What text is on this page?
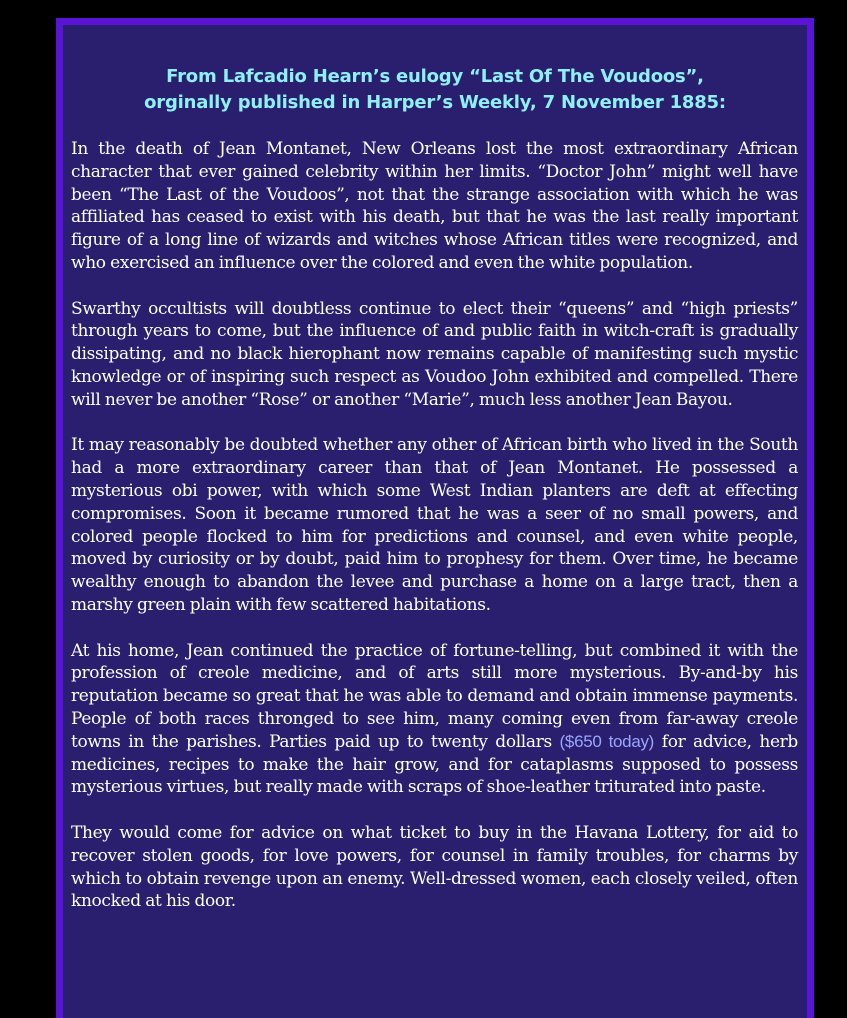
From Lafcadio Hearn’s eulogy “Last Of The Voudoos”,
orginally published in Harper’s Weekly, 7 November 1885:

In the death of Jean Montanet, New Orleans lost the most extraordinary African character that ever gained celebrity within her limits. “Doctor John” might well have been “The Last of the Voudoos”, not that the strange association with which he was affiliated has ceased to exist with his death, but that he was the last really important figure of a long line of wizards and witches whose African titles were recognized, and who exercised an influence over the colored and even the white population.

Swarthy occultists will doubtless continue to elect their “queens” and “high priests” through years to come, but the influence of and public faith in witch-craft is gradually dissipating, and no black hierophant now remains capable of manifesting such mystic knowledge or of inspiring such respect as Voudoo John exhibited and compelled. There will never be another “Rose” or another “Marie”, much less another Jean Bayou.

It may reasonably be doubted whether any other of African birth who lived in the South had a more extraordinary career than that of Jean Montanet. He possessed a mysterious obi power, with which some West Indian planters are deft at effecting compromises. Soon it became rumored that he was a seer of no small powers, and colored people flocked to him for predictions and counsel, and even white people, moved by curiosity or by doubt, paid him to prophesy for them. Over time, he became wealthy enough to abandon the levee and purchase a home on a large tract, then a marshy green plain with few scattered habitations.

At his home, Jean continued the practice of fortune-telling, but combined it with the profession of creole medicine, and of arts still more mysterious. By-and-by his reputation became so great that he was able to demand and obtain immense payments. People of both races thronged to see him, many coming even from far-away creole towns in the parishes. Parties paid up to twenty dollars ($650 today) for advice, herb medicines, recipes to make the hair grow, and for cataplasms supposed to possess mysterious virtues, but really made with scraps of shoe-leather triturated into paste.

They would come for advice on what ticket to buy in the Havana Lottery, for aid to recover stolen goods, for love powers, for counsel in family troubles, for charms by which to obtain revenge upon an enemy. Well-dressed women, each closely veiled, often knocked at his door.
